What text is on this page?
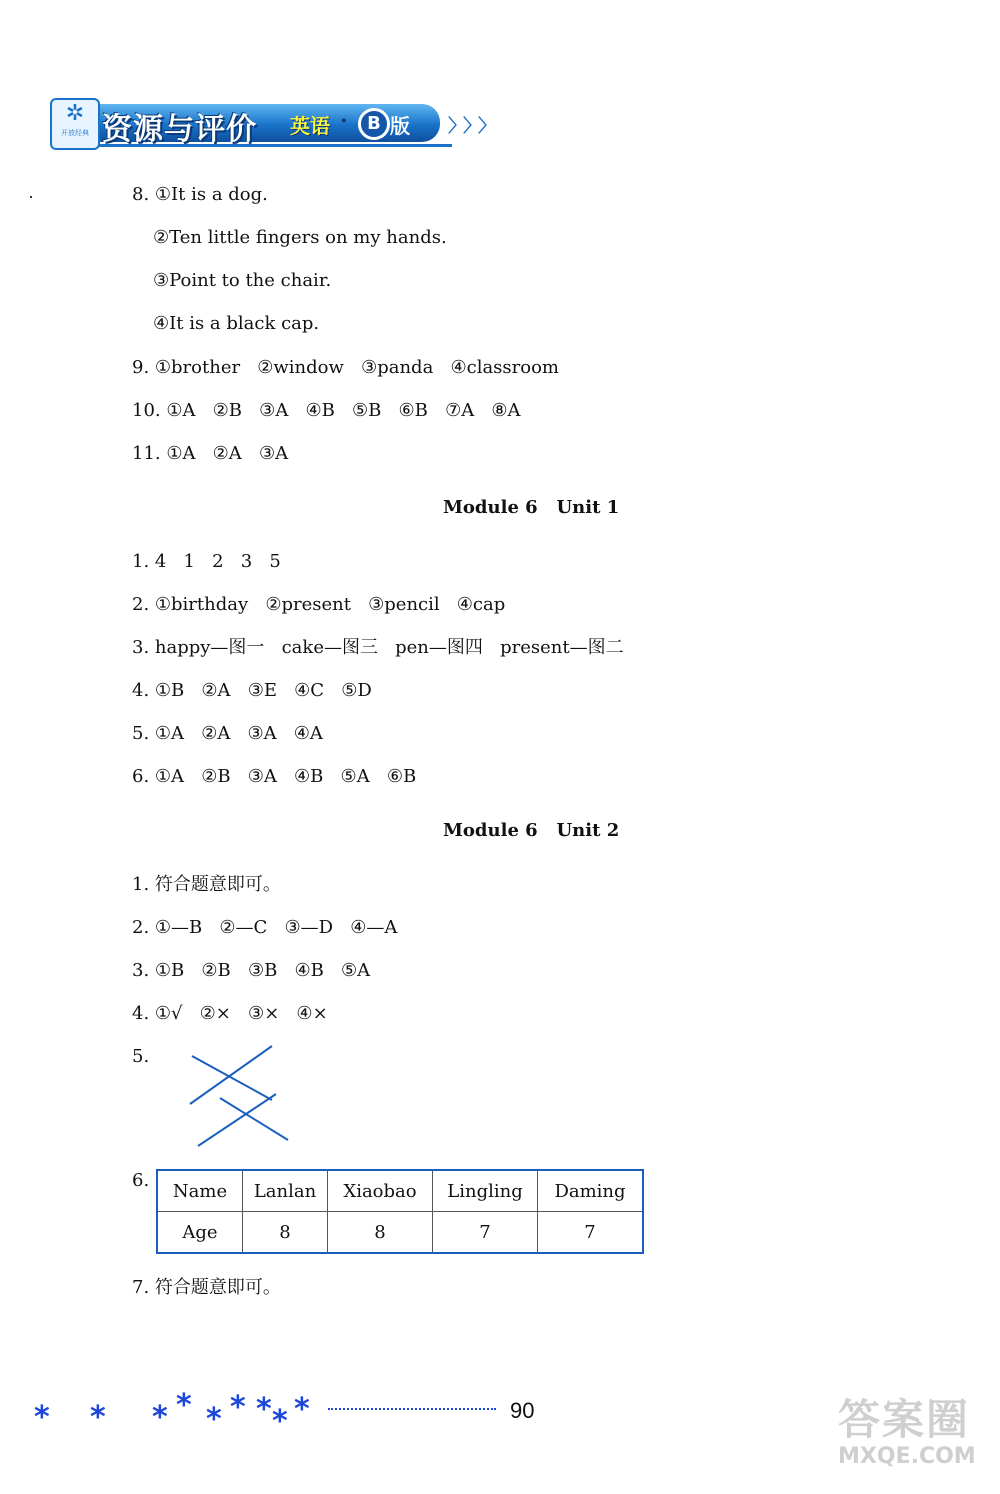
✲
开放经典 资源与评价 英语 ·	B 版 〉〉〉
8. ①It is a dog.
②Ten little fingers on my hands.
③Point to the chair.
④It is a black cap.
9. ①brother   ②window   ③panda   ④classroom
10. ①A   ②B   ③A   ④B   ⑤B   ⑥B   ⑦A   ⑧A
11. ①A   ②A   ③A
Module 6   Unit 1
1. 4   1   2   3   5
2. ①birthday   ②present   ③pencil   ④cap
3. happy—图一   cake—图三   pen—图四   present—图二
4. ①B   ②A   ③E   ④C   ⑤D
5. ①A   ②A   ③A   ④A
6. ①A   ②B   ③A   ④B   ⑤A   ⑥B
Module 6   Unit 2
1. 符合题意即可。
2. ①—B   ②—C   ③—D   ④—A
3. ①B   ②B   ③B   ④B   ⑤A
4. ①√   ②×   ③×   ④×
5.
6. Name	Lanlan	Xiaobao	Lingling	Daming
Age	8	8	7	7
7. 符合题意即可。
* * * * * * * * *	90	答案圈
MXQE.COM
